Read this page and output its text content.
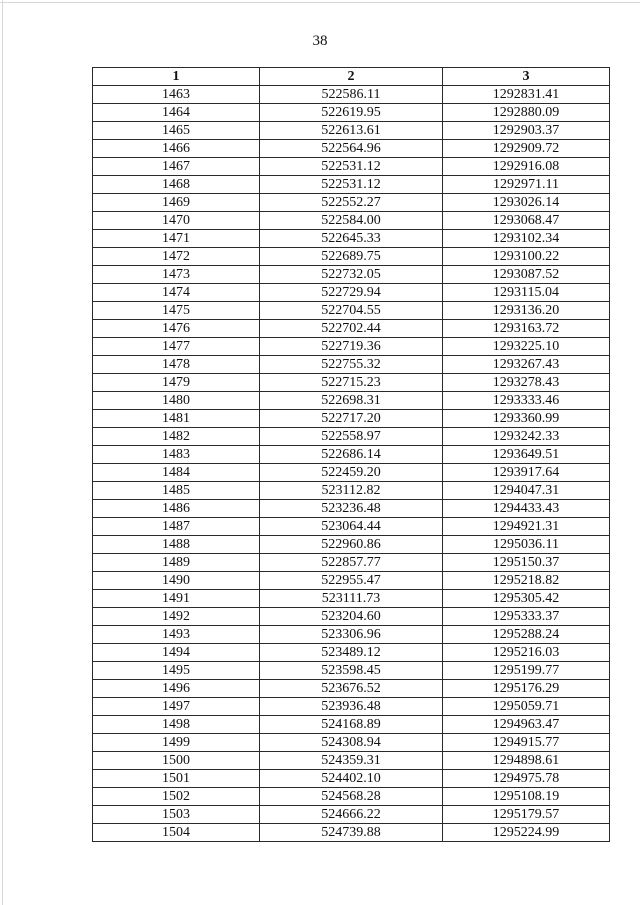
38
1	2	3
1463	522586.11	1292831.41
1464	522619.95	1292880.09
1465	522613.61	1292903.37
1466	522564.96	1292909.72
1467	522531.12	1292916.08
1468	522531.12	1292971.11
1469	522552.27	1293026.14
1470	522584.00	1293068.47
1471	522645.33	1293102.34
1472	522689.75	1293100.22
1473	522732.05	1293087.52
1474	522729.94	1293115.04
1475	522704.55	1293136.20
1476	522702.44	1293163.72
1477	522719.36	1293225.10
1478	522755.32	1293267.43
1479	522715.23	1293278.43
1480	522698.31	1293333.46
1481	522717.20	1293360.99
1482	522558.97	1293242.33
1483	522686.14	1293649.51
1484	522459.20	1293917.64
1485	523112.82	1294047.31
1486	523236.48	1294433.43
1487	523064.44	1294921.31
1488	522960.86	1295036.11
1489	522857.77	1295150.37
1490	522955.47	1295218.82
1491	523111.73	1295305.42
1492	523204.60	1295333.37
1493	523306.96	1295288.24
1494	523489.12	1295216.03
1495	523598.45	1295199.77
1496	523676.52	1295176.29
1497	523936.48	1295059.71
1498	524168.89	1294963.47
1499	524308.94	1294915.77
1500	524359.31	1294898.61
1501	524402.10	1294975.78
1502	524568.28	1295108.19
1503	524666.22	1295179.57
1504	524739.88	1295224.99
